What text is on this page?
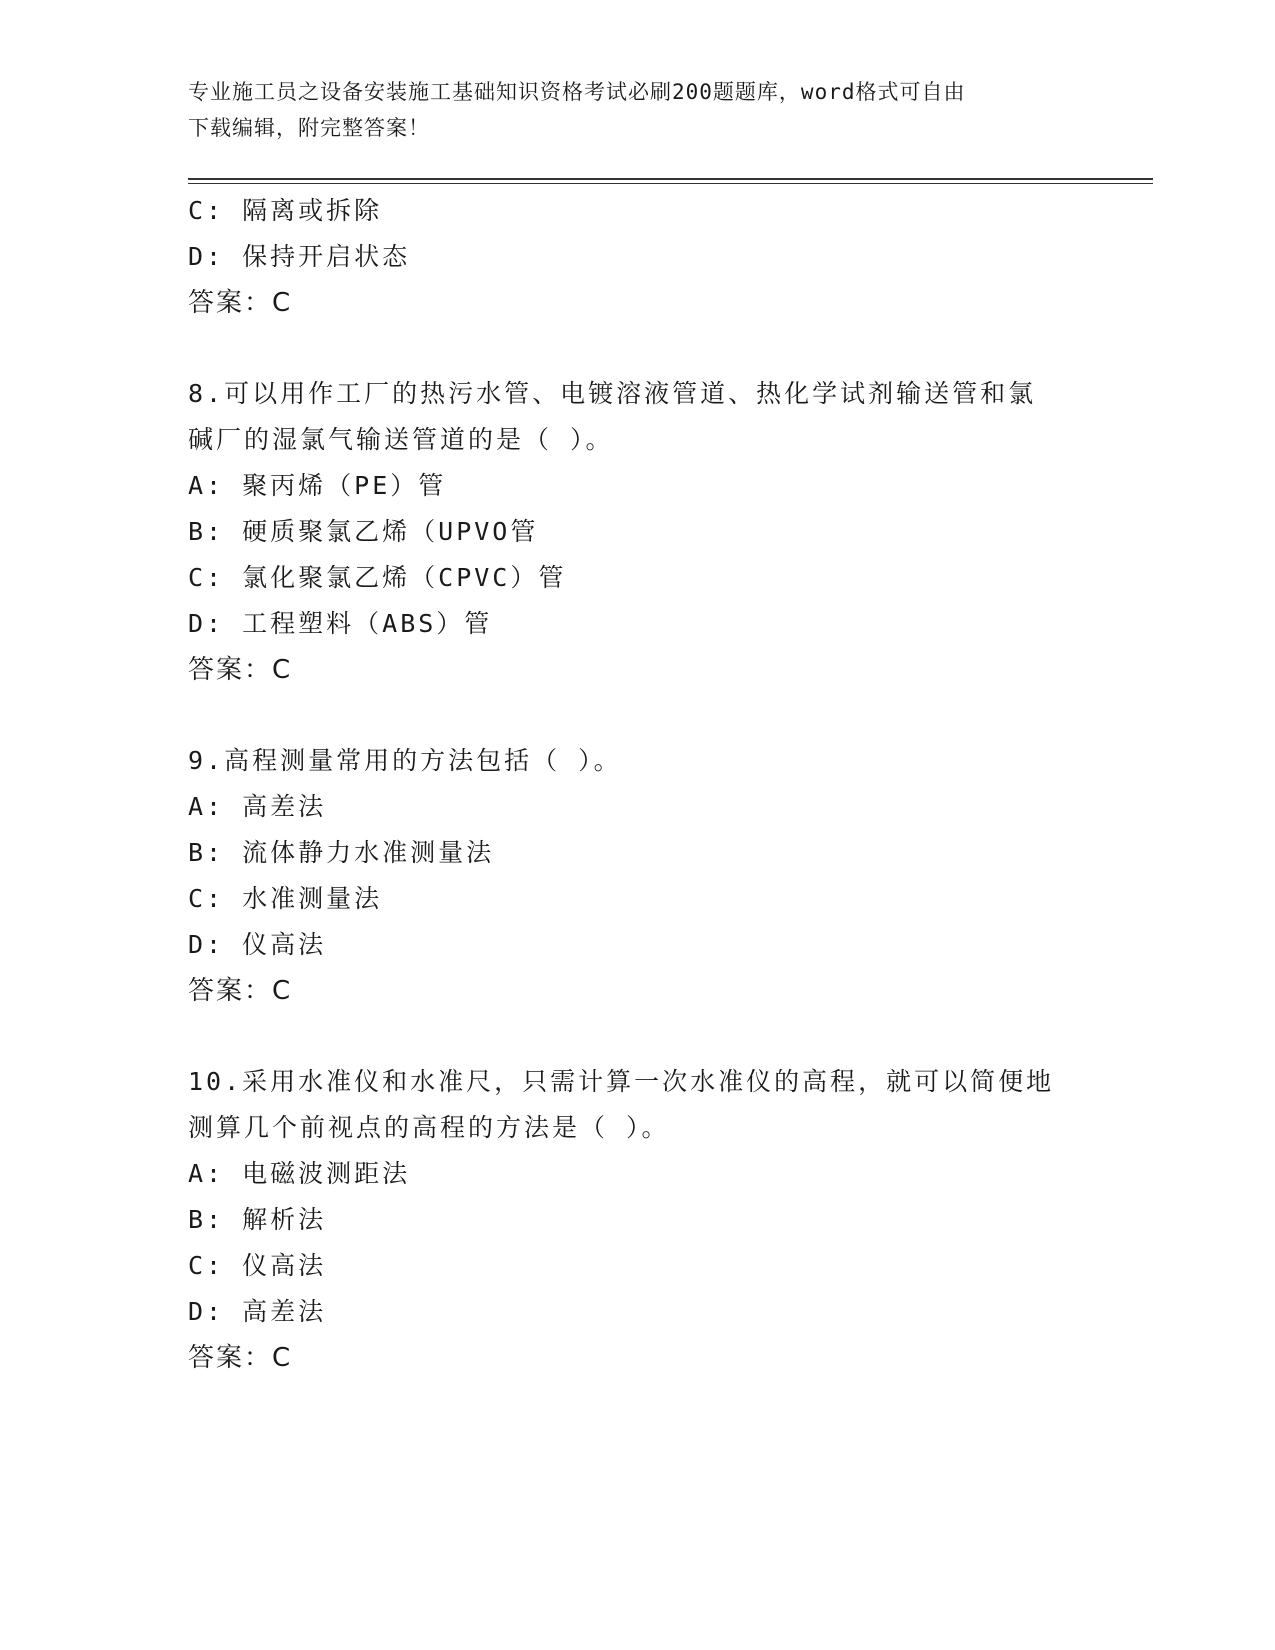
专业施工员之设备安装施工基础知识资格考试必刷200题题库，word格式可自由
下载编辑，附完整答案！

C: 隔离或拆除

D: 保持开启状态

答案：C

8.可以用作工厂的热污水管、电镀溶液管道、热化学试剂输送管和氯

碱厂的湿氯气输送管道的是（ ）。

A: 聚丙烯（PE）管

B: 硬质聚氯乙烯（UPVO管

C: 氯化聚氯乙烯（CPVC）管

D: 工程塑料（ABS）管

答案：C

9.高程测量常用的方法包括（ ）。

A: 高差法

B: 流体静力水准测量法

C: 水准测量法

D: 仪高法

答案：C

10.采用水准仪和水准尺，只需计算一次水准仪的高程，就可以简便地

测算几个前视点的高程的方法是（ ）。

A: 电磁波测距法

B: 解析法

C: 仪高法

D: 高差法

答案：C
